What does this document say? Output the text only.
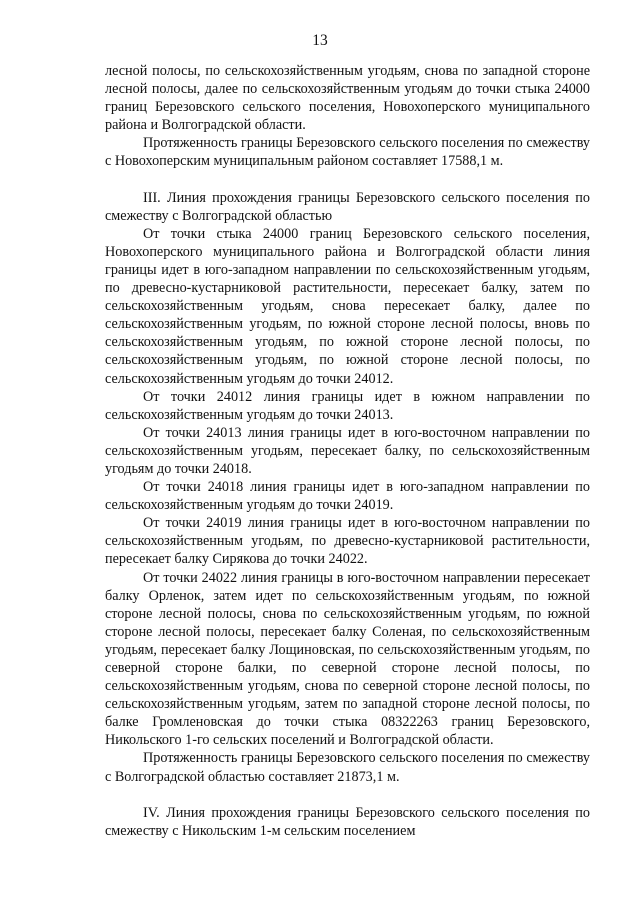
13

лесной полосы, по сельскохозяйственным угодьям, снова по западной стороне лесной полосы, далее по сельскохозяйственным угодьям до точки стыка 24000 границ Березовского сельского поселения, Новохоперского муниципального района и Волгоградской области.

Протяженность границы Березовского сельского поселения по смежеству с Новохоперским муниципальным районом составляет 17588,1 м.

III. Линия прохождения границы Березовского сельского поселения по смежеству с Волгоградской областью

От точки стыка 24000 границ Березовского сельского поселения, Новохоперского муниципального района и Волгоградской области линия границы идет в юго-западном направлении по сельскохозяйственным угодьям, по древесно-кустарниковой растительности, пересекает балку, затем по сельскохозяйственным угодьям, снова пересекает балку, далее по сельскохозяйственным угодьям, по южной стороне лесной полосы, вновь по сельскохозяйственным угодьям, по южной стороне лесной полосы, по сельскохозяйственным угодьям, по южной стороне лесной полосы, по сельскохозяйственным угодьям до точки 24012.

От точки 24012 линия границы идет в южном направлении по сельскохозяйственным угодьям до точки 24013.

От точки 24013 линия границы идет в юго-восточном направлении по сельскохозяйственным угодьям, пересекает балку, по сельскохозяйственным угодьям до точки 24018.

От точки 24018 линия границы идет в юго-западном направлении по сельскохозяйственным угодьям до точки 24019.

От точки 24019 линия границы идет в юго-восточном направлении по сельскохозяйственным угодьям, по древесно-кустарниковой растительности, пересекает балку Сирякова до точки 24022.

От точки 24022 линия границы в юго-восточном направлении пересекает балку Орленок, затем идет по сельскохозяйственным угодьям, по южной стороне лесной полосы, снова по сельскохозяйственным угодьям, по южной стороне лесной полосы, пересекает балку Соленая, по сельскохозяйственным угодьям, пересекает балку Лощиновская, по сельскохозяйственным угодьям, по северной стороне балки, по северной стороне лесной полосы, по сельскохозяйственным угодьям, снова по северной стороне лесной полосы, по сельскохозяйственным угодьям, затем по западной стороне лесной полосы, по балке Громленовская до точки стыка 08322263 границ Березовского, Никольского 1-го сельских поселений и Волгоградской области.

Протяженность границы Березовского сельского поселения по смежеству с Волгоградской областью составляет 21873,1 м.

IV. Линия прохождения границы Березовского сельского поселения по смежеству с Никольским 1-м сельским поселением
